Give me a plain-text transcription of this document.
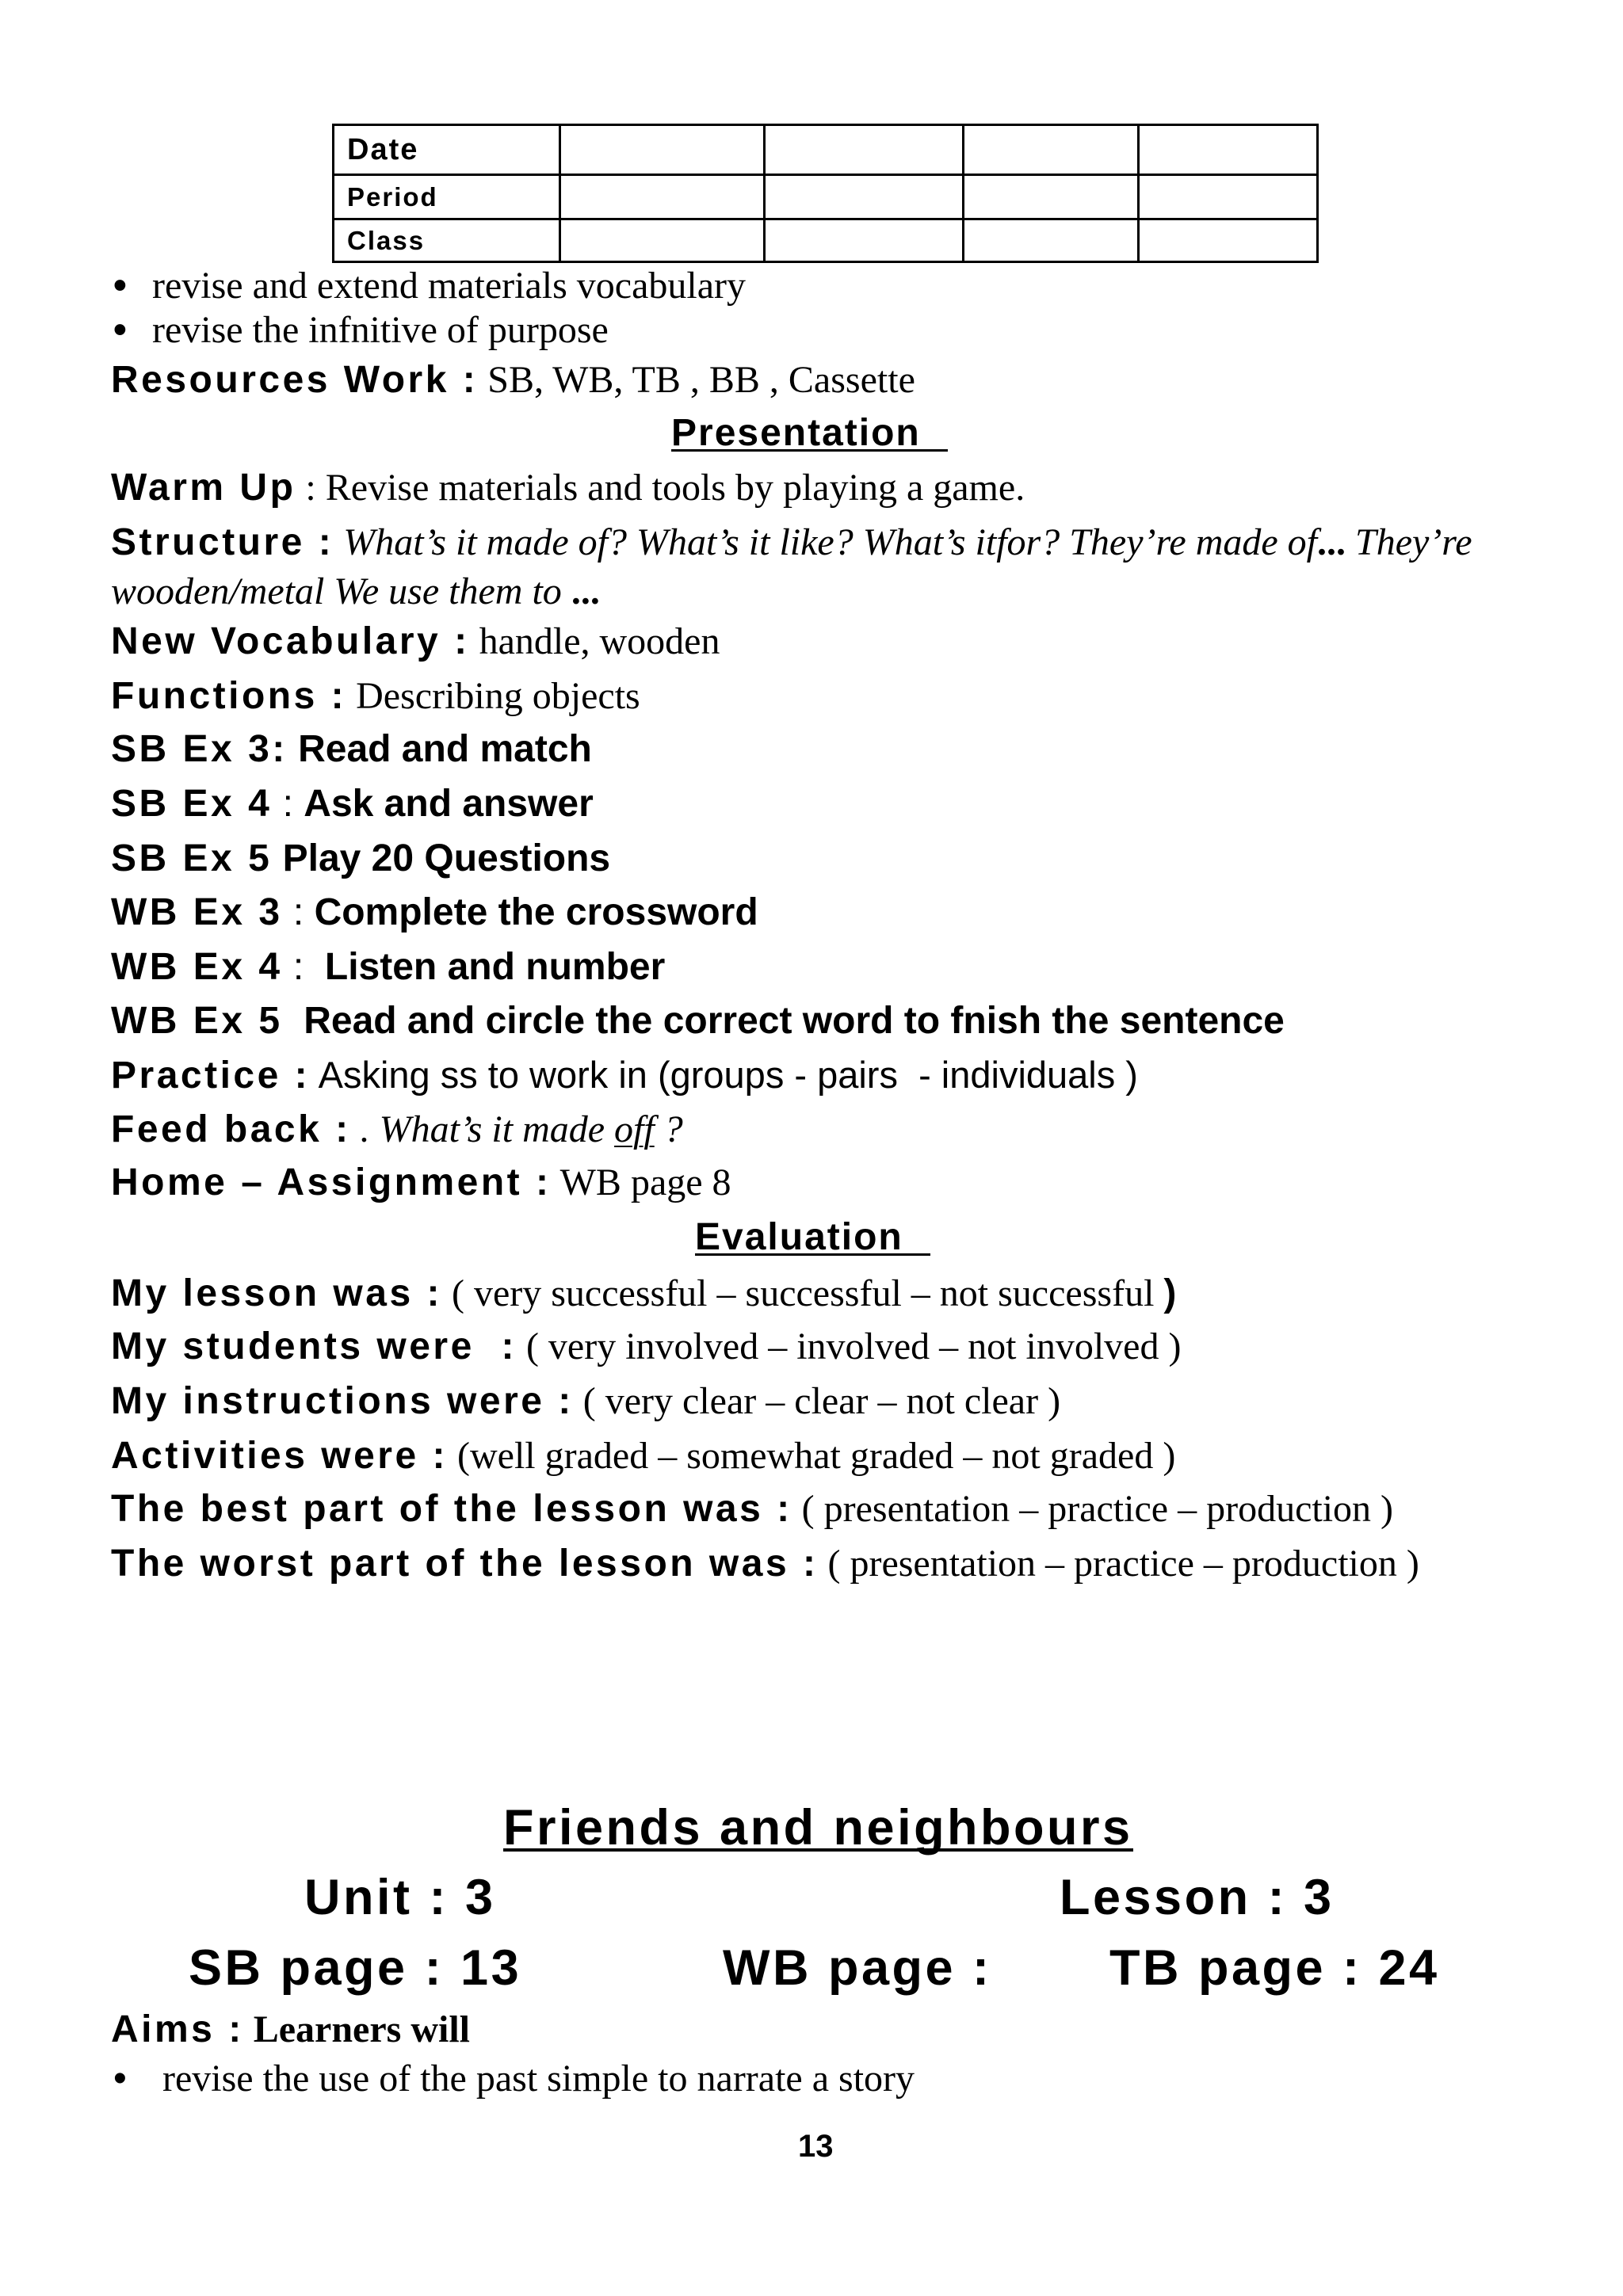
Date				
Period				
Class				
• revise and extend materials vocabulary
• revise the infnitive of purpose
Resources Work : SB, WB, TB , BB , Cassette
Presentation
Warm Up : Revise materials and tools by playing a game.
Structure : What’s it made of? What’s it like? What’s itfor? They’re made of... They’re
wooden/metal We use them to ...
New Vocabulary : handle, wooden
Functions : Describing objects
SB Ex 3: Read and match
SB Ex 4 : Ask and answer
SB Ex 5 Play 20 Questions
WB Ex 3 : Complete the crossword
WB Ex 4 :  Listen and number
WB Ex 5  Read and circle the correct word to fnish the sentence
Practice : Asking ss to work in (groups - pairs  - individuals )
Feed back : . What’s it made off ?
Home – Assignment : WB page 8
Evaluation
My lesson was : ( very successful – successful – not successful )
My students were  : ( very involved – involved – not involved )
My instructions were : ( very clear – clear – not clear )
Activities were : (well graded – somewhat graded – not graded )
The best part of the lesson was : ( presentation – practice – production )
The worst part of the lesson was : ( presentation – practice – production )
Friends and neighbours
Unit : 3	Lesson : 3
SB page : 13	WB page : TB page : 24
Aims : Learners will
• revise the use of the past simple to narrate a story
13
